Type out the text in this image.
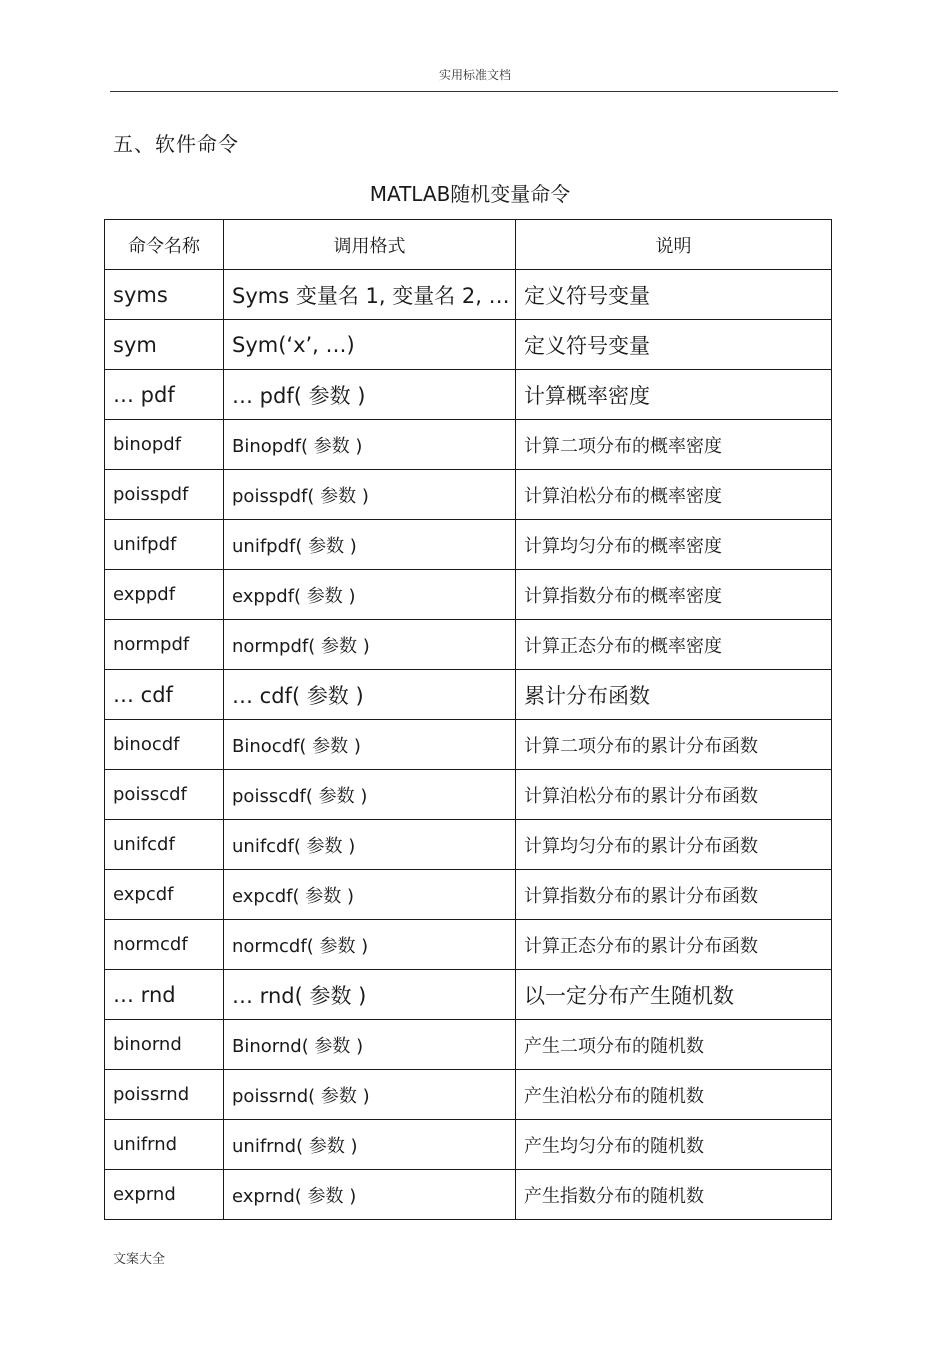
实用标准文档
五、软件命令
MATLAB随机变量命令
命令名称	调用格式	说明
syms	Syms 变量名 1, 变量名 2, …	定义符号变量
sym	Sym(‘x’, …)	定义符号变量
… pdf	… pdf( 参数 )	计算概率密度
binopdf	Binopdf( 参数 )	计算二项分布的概率密度
poisspdf	poisspdf( 参数 )	计算泊松分布的概率密度
unifpdf	unifpdf( 参数 )	计算均匀分布的概率密度
exppdf	exppdf( 参数 )	计算指数分布的概率密度
normpdf	normpdf( 参数 )	计算正态分布的概率密度
… cdf	… cdf( 参数 )	累计分布函数
binocdf	Binocdf( 参数 )	计算二项分布的累计分布函数
poisscdf	poisscdf( 参数 )	计算泊松分布的累计分布函数
unifcdf	unifcdf( 参数 )	计算均匀分布的累计分布函数
expcdf	expcdf( 参数 )	计算指数分布的累计分布函数
normcdf	normcdf( 参数 )	计算正态分布的累计分布函数
… rnd	… rnd( 参数 )	以一定分布产生随机数
binornd	Binornd( 参数 )	产生二项分布的随机数
poissrnd	poissrnd( 参数 )	产生泊松分布的随机数
unifrnd	unifrnd( 参数 )	产生均匀分布的随机数
exprnd	exprnd( 参数 )	产生指数分布的随机数
文案大全
